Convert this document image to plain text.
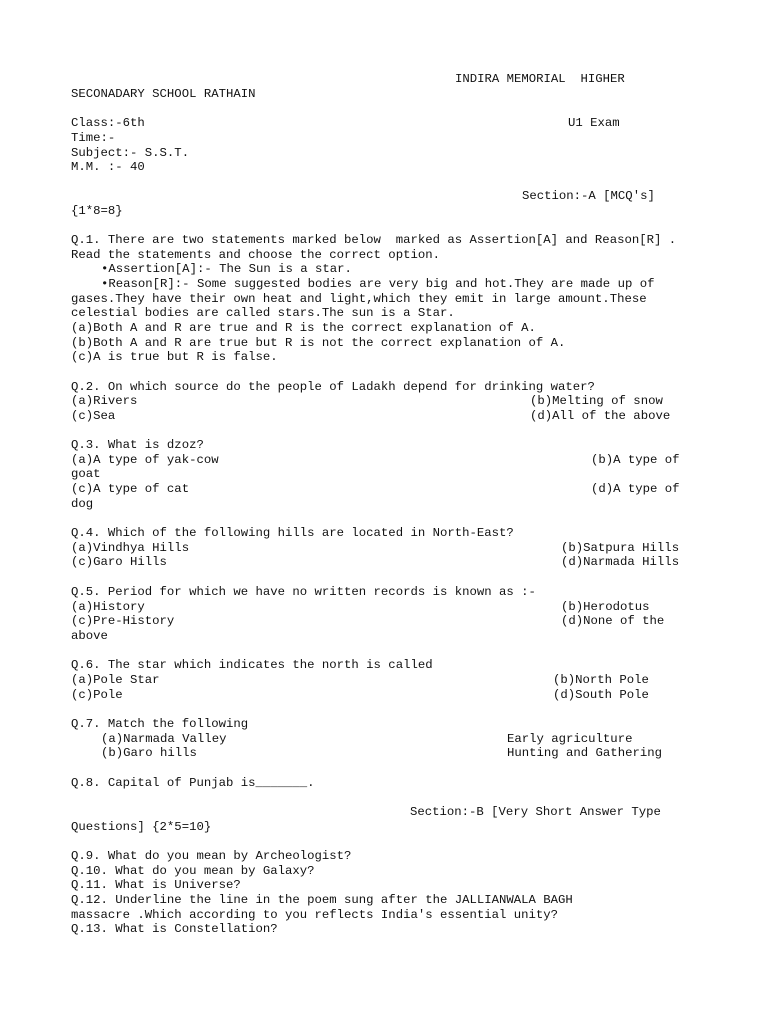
INDIRA MEMORIAL  HIGHER
SECONADARY SCHOOL RATHAIN
Class:-6th	U1 Exam
Time:-
Subject:- S.S.T.
M.M. :- 40
Section:-A [MCQ's]
{1*8=8}
Q.1. There are two statements marked below  marked as Assertion[A] and Reason[R] .
Read the statements and choose the correct option.
• Assertion[A]:- The Sun is a star.
• Reason[R]:- Some suggested bodies are very big and hot.They are made up of
gases.They have their own heat and light,which they emit in large amount.These
celestial bodies are called stars.The sun is a Star.
(a)Both A and R are true and R is the correct explanation of A.
(b)Both A and R are true but R is not the correct explanation of A.
(c)A is true but R is false.
Q.2. On which source do the people of Ladakh depend for drinking water?
(a)Rivers	(b)Melting of snow
(c)Sea	(d)All of the above
Q.3. What is dzoz?
(a)A type of yak-cow	(b)A type of
goat
(c)A type of cat	(d)A type of
dog
Q.4. Which of the following hills are located in North-East?
(a)Vindhya Hills	(b)Satpura Hills
(c)Garo Hills	(d)Narmada Hills
Q.5. Period for which we have no written records is known as :-
(a)History	(b)Herodotus
(c)Pre-History	(d)None of the
above
Q.6. The star which indicates the north is called
(a)Pole Star	(b)North Pole
(c)Pole	(d)South Pole
Q.7. Match the following
(a)Narmada Valley	Early agriculture
(b)Garo hills	Hunting and Gathering
Q.8. Capital of Punjab is_______.
Section:-B [Very Short Answer Type
Questions] {2*5=10}
Q.9. What do you mean by Archeologist?
Q.10. What do you mean by Galaxy?
Q.11. What is Universe?
Q.12. Underline the line in the poem sung after the JALLIANWALA BAGH
massacre .Which according to you reflects India's essential unity?
Q.13. What is Constellation?
